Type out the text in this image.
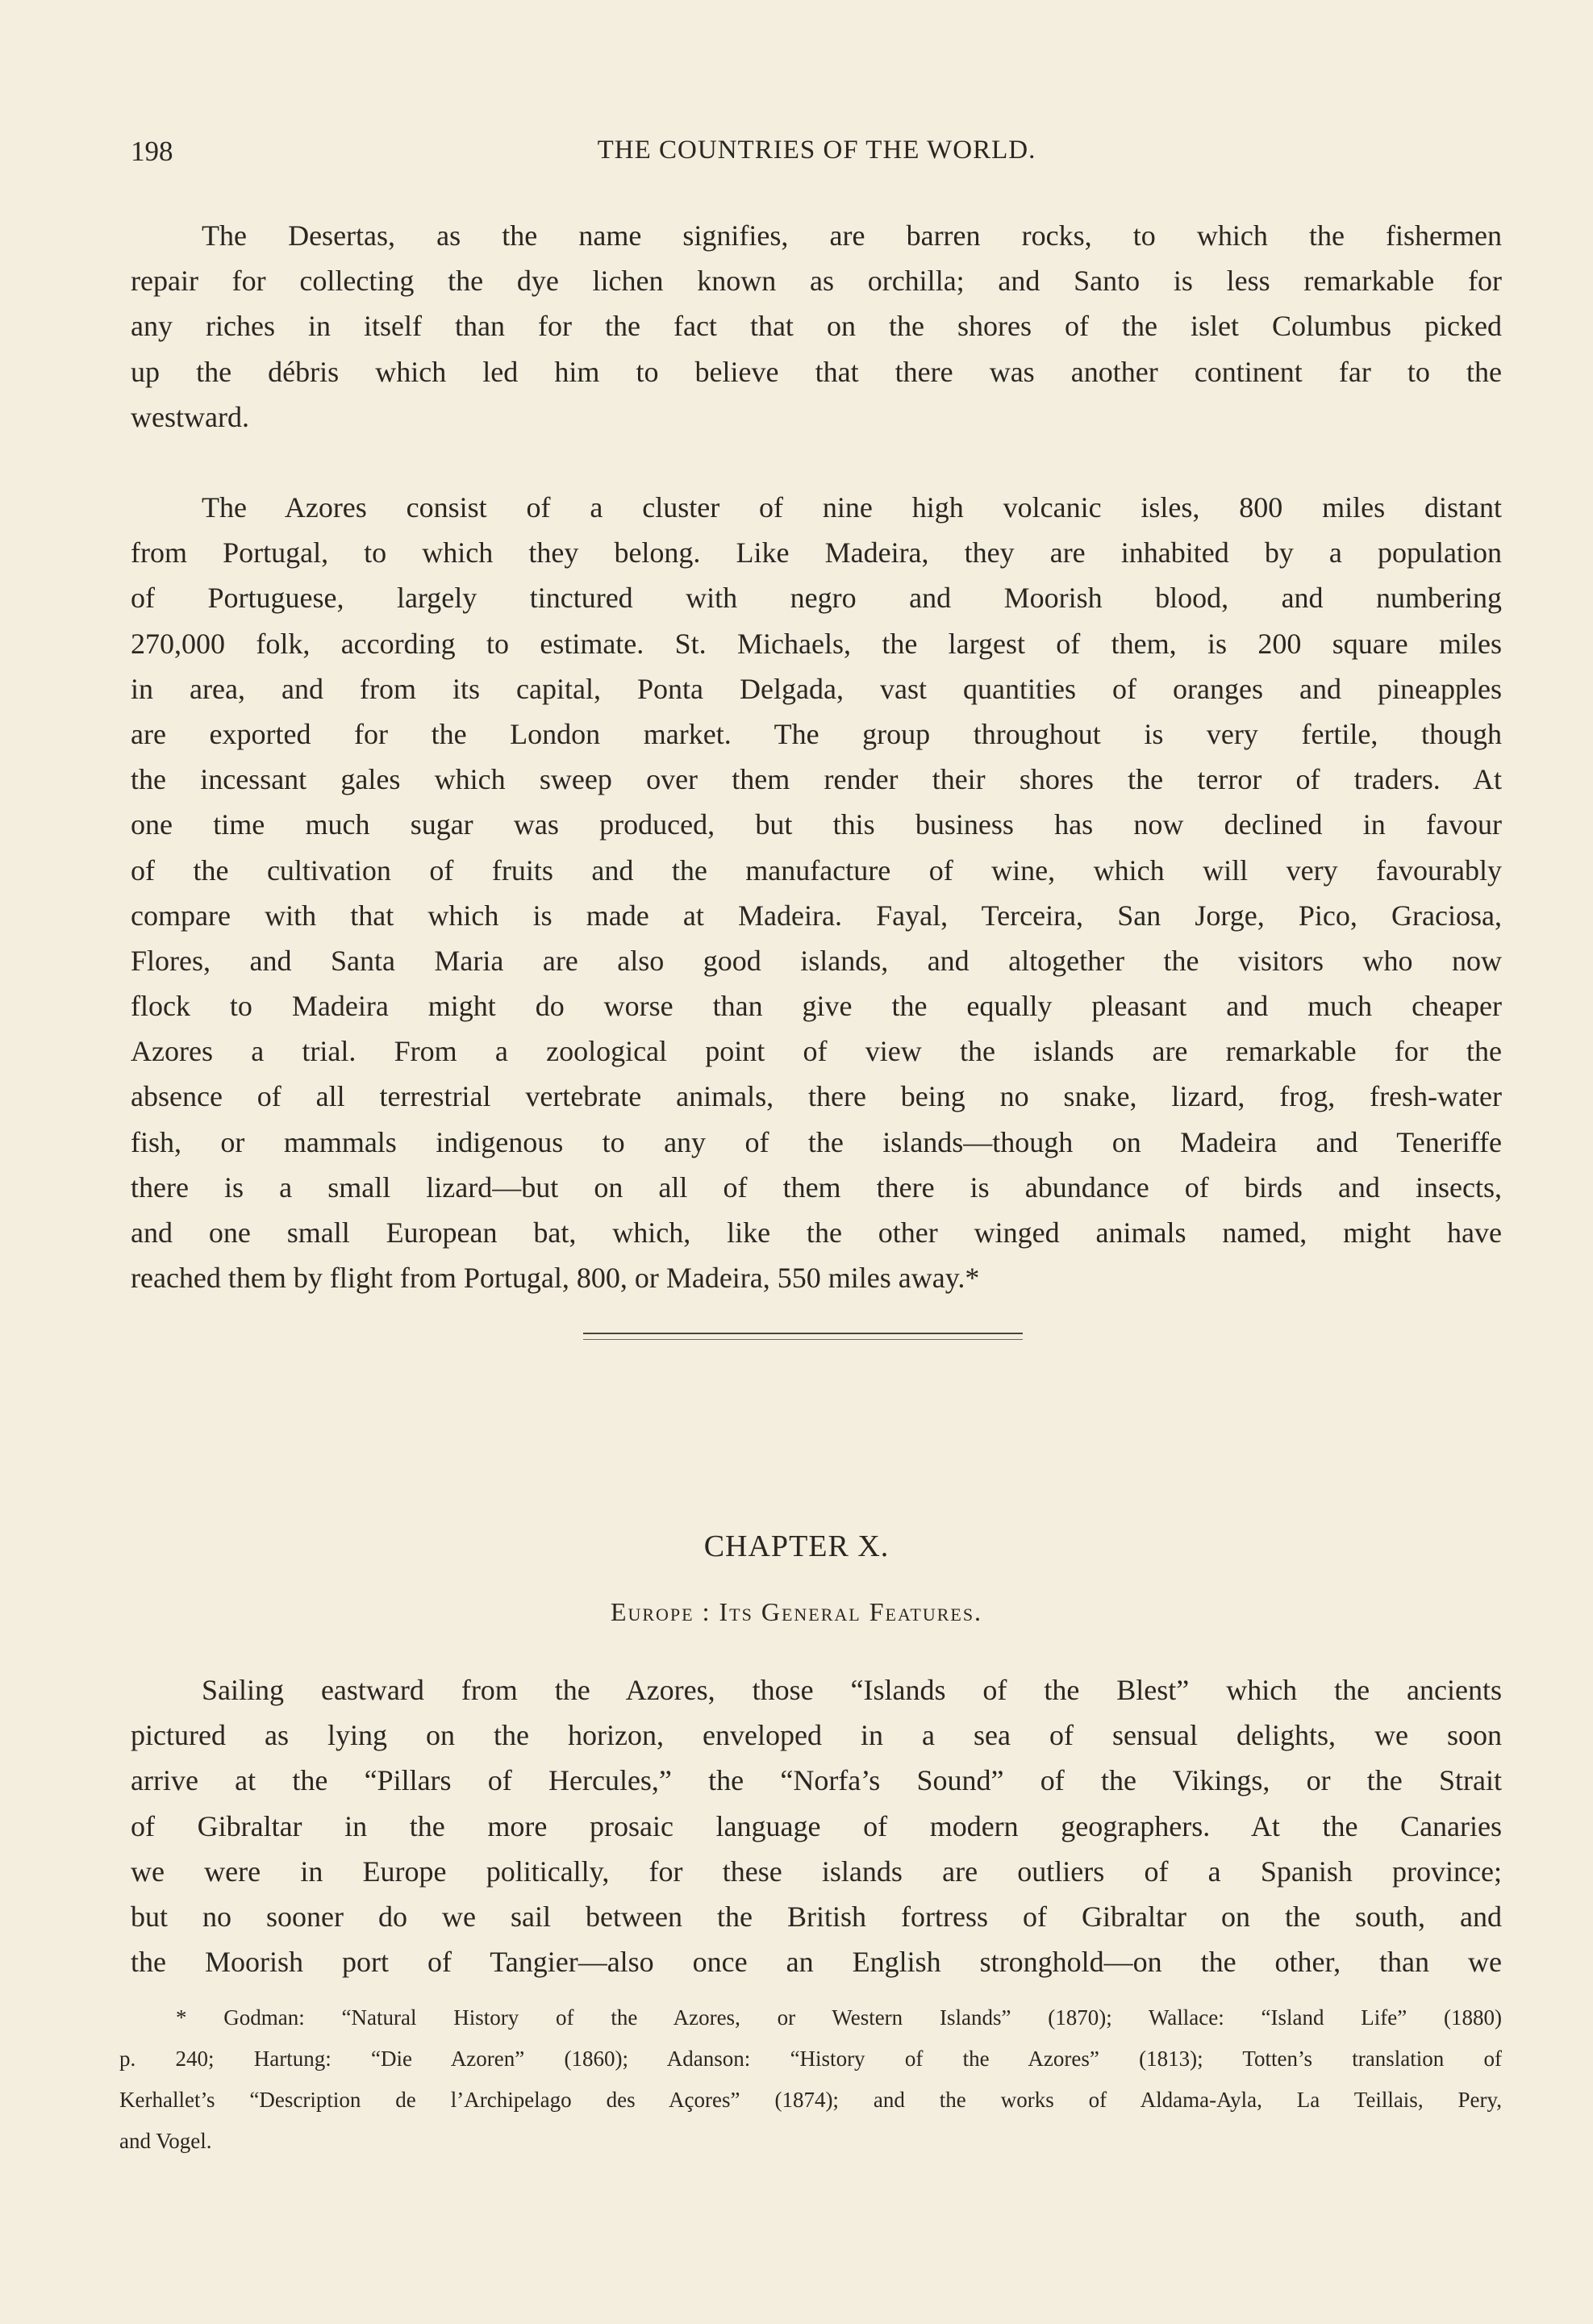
198	THE COUNTRIES OF THE WORLD.
The Desertas, as the name signifies, are barren rocks, to which the fishermen
repair for collecting the dye lichen known as orchilla; and Santo is less remarkable for
any riches in itself than for the fact that on the shores of the islet Columbus picked
up the débris which led him to believe that there was another continent far to the
westward.
The Azores consist of a cluster of nine high volcanic isles, 800 miles distant
from Portugal, to which they belong. Like Madeira, they are inhabited by a population
of Portuguese, largely tinctured with negro and Moorish blood, and numbering
270,000 folk, according to estimate. St. Michaels, the largest of them, is 200 square miles
in area, and from its capital, Ponta Delgada, vast quantities of oranges and pineapples
are exported for the London market. The group throughout is very fertile, though
the incessant gales which sweep over them render their shores the terror of traders. At
one time much sugar was produced, but this business has now declined in favour
of the cultivation of fruits and the manufacture of wine, which will very favourably
compare with that which is made at Madeira. Fayal, Terceira, San Jorge, Pico, Graciosa,
Flores, and Santa Maria are also good islands, and altogether the visitors who now
flock to Madeira might do worse than give the equally pleasant and much cheaper
Azores a trial. From a zoological point of view the islands are remarkable for the
absence of all terrestrial vertebrate animals, there being no snake, lizard, frog, fresh-water
fish, or mammals indigenous to any of the islands—though on Madeira and Teneriffe
there is a small lizard—but on all of them there is abundance of birds and insects,
and one small European bat, which, like the other winged animals named, might have
reached them by flight from Portugal, 800, or Madeira, 550 miles away.*
CHAPTER X.
Europe : Its General Features.
Sailing eastward from the Azores, those “Islands of the Blest” which the ancients
pictured as lying on the horizon, enveloped in a sea of sensual delights, we soon
arrive at the “Pillars of Hercules,” the “Norfa’s Sound” of the Vikings, or the Strait
of Gibraltar in the more prosaic language of modern geographers. At the Canaries
we were in Europe politically, for these islands are outliers of a Spanish province;
but no sooner do we sail between the British fortress of Gibraltar on the south, and
the Moorish port of Tangier—also once an English stronghold—on the other, than we
* Godman: “Natural History of the Azores, or Western Islands” (1870); Wallace: “Island Life” (1880)
p. 240; Hartung: “Die Azoren” (1860); Adanson: “History of the Azores” (1813); Totten’s translation of
Kerhallet’s “Description de l’Archipelago des Açores” (1874); and the works of Aldama-Ayla, La Teillais, Pery,
and Vogel.
